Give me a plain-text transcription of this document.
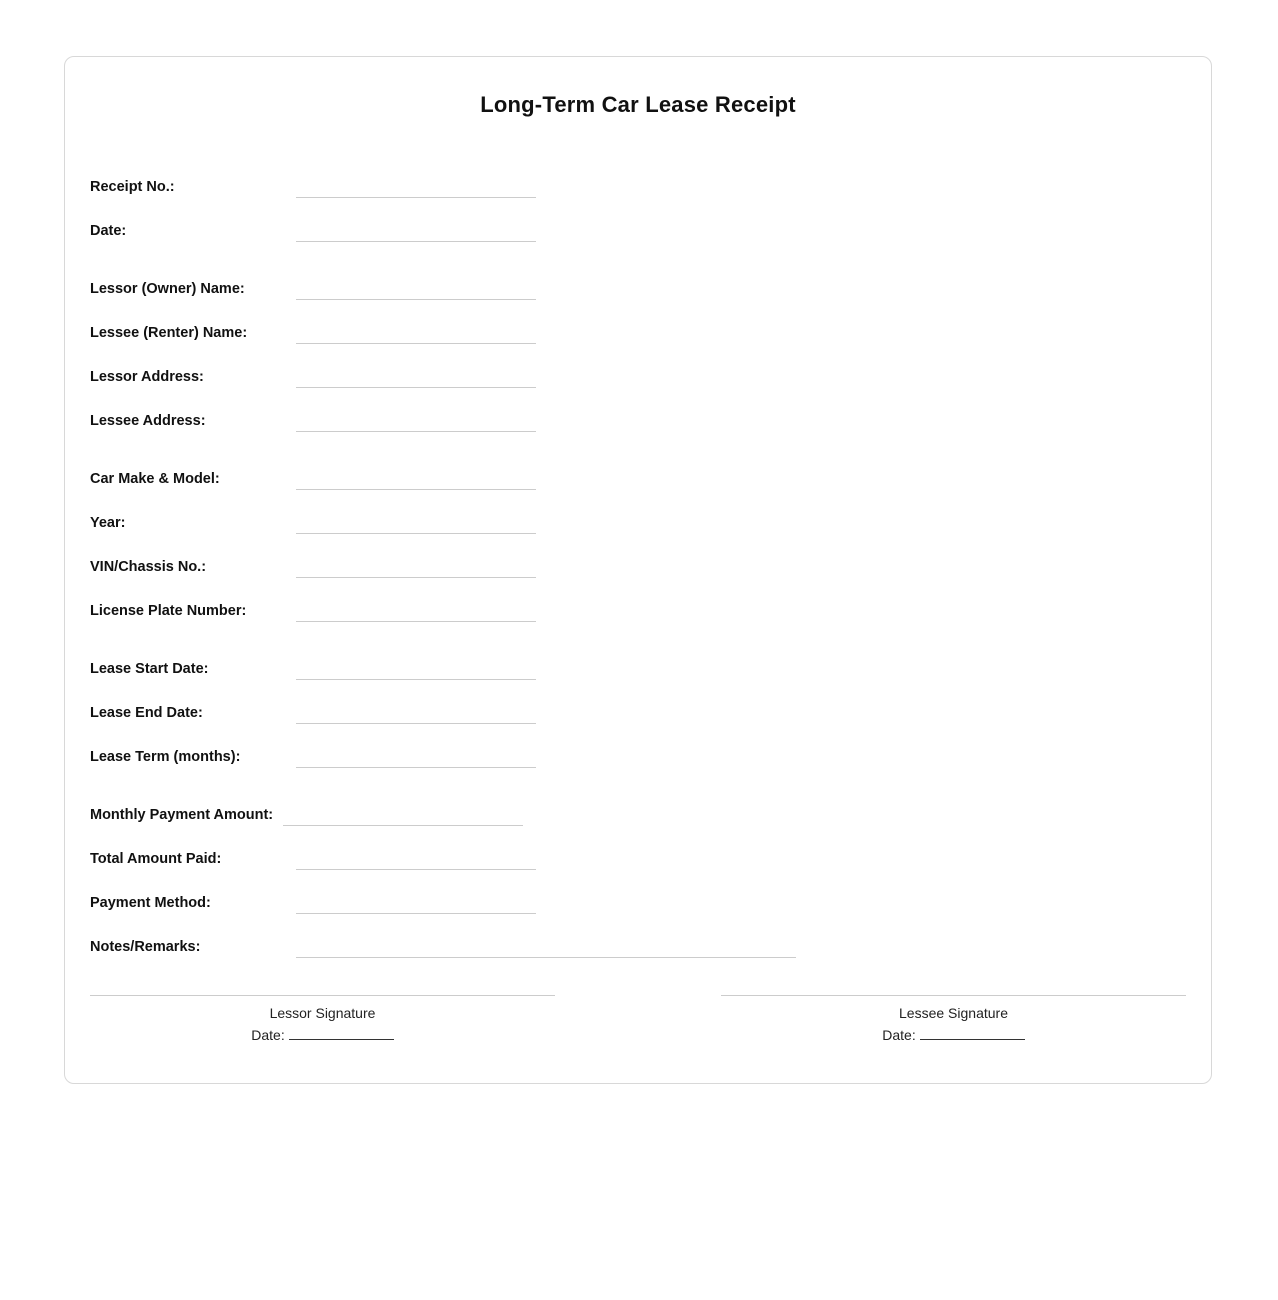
Long-Term Car Lease Receipt
Receipt No.:
Date:
Lessor (Owner) Name:
Lessee (Renter) Name:
Lessor Address:
Lessee Address:
Car Make & Model:
Year:
VIN/Chassis No.:
License Plate Number:
Lease Start Date:
Lease End Date:
Lease Term (months):
Monthly Payment Amount:
Total Amount Paid:
Payment Method:
Notes/Remarks:
Lessor Signature
Date:
Lessee Signature
Date:
